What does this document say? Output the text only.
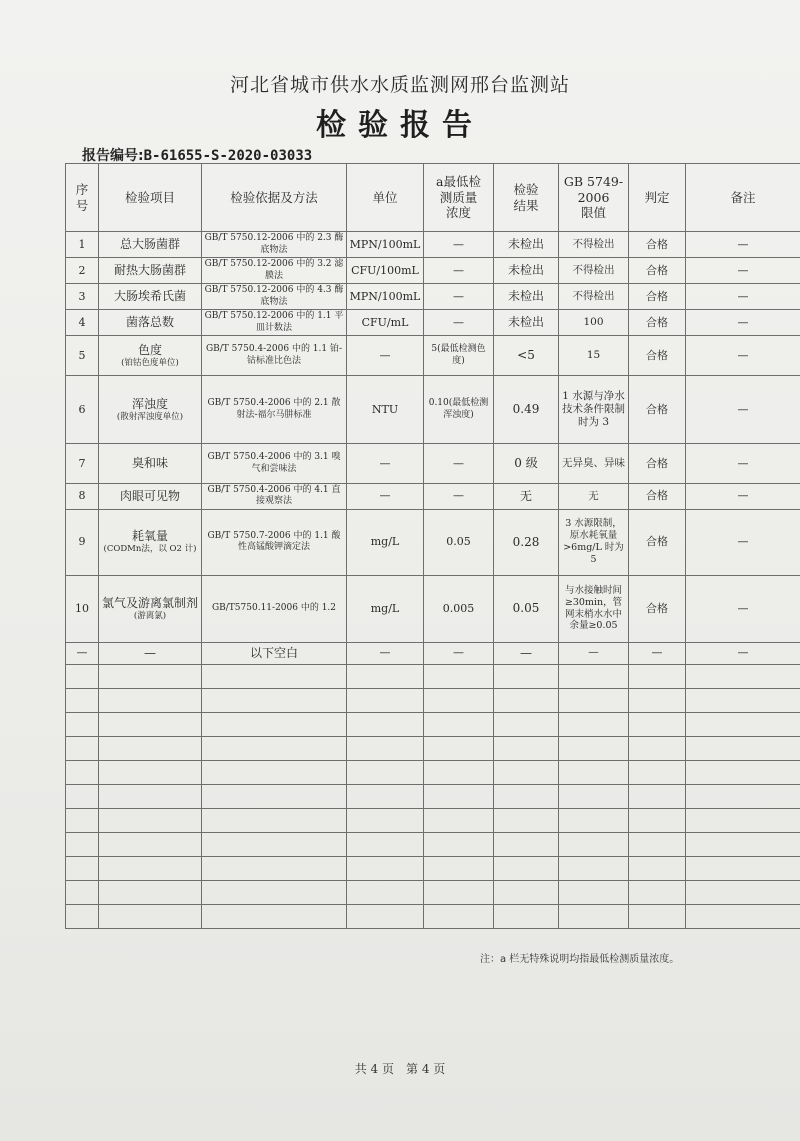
河北省城市供水水质监测网邢台监测站
检验报告
报告编号:B-61655-S-2020-03033
序
号	检验项目	检验依据及方法	单位	a最低检
测质量
浓度	检验
结果	GB 5749-
2006
限值	判定	备注
1	总大肠菌群	GB/T 5750.12-2006 中的 2.3 酶底物法	MPN/100mL	—	未检出	不得检出	合格	—
2	耐热大肠菌群	GB/T 5750.12-2006 中的 3.2 滤膜法	CFU/100mL	—	未检出	不得检出	合格	—
3	大肠埃希氏菌	GB/T 5750.12-2006 中的 4.3 酶底物法	MPN/100mL	—	未检出	不得检出	合格	—
4	菌落总数	GB/T 5750.12-2006 中的 1.1 平皿计数法	CFU/mL	—	未检出	100	合格	—
5	色度
(铂钴色度单位)	GB/T 5750.4-2006 中的 1.1 铂-钴标准比色法	—	5(最低检测色度)	<5	15	合格	—
6	浑浊度
(散射浑浊度单位)	GB/T 5750.4-2006 中的 2.1 散射法-福尔马肼标准	NTU	0.10(最低检测浑浊度)	0.49	1 水源与净水技术条件限制时为 3	合格	—
7	臭和味	GB/T 5750.4-2006 中的 3.1 嗅气和尝味法	—	—	0 级	无异臭、异味	合格	—
8	肉眼可见物	GB/T 5750.4-2006 中的 4.1 直接观察法	—	—	无	无	合格	—
9	耗氧量
(CODMn法，以 O2 计)	GB/T 5750.7-2006 中的 1.1 酸性高锰酸钾滴定法	mg/L	0.05	0.28	3 水源限制，原水耗氧量 >6mg/L 时为 5	合格	—
10	氯气及游离氯制剂
(游离氯)	GB/T5750.11-2006 中的 1.2	mg/L	0.005	0.05	与水接触时间≥30min，管网末梢水水中余量≥0.05	合格	—
—	—	以下空白	—	—	—	—	—	—

注：a 栏无特殊说明均指最低检测质量浓度。
共 4 页　第 4 页
